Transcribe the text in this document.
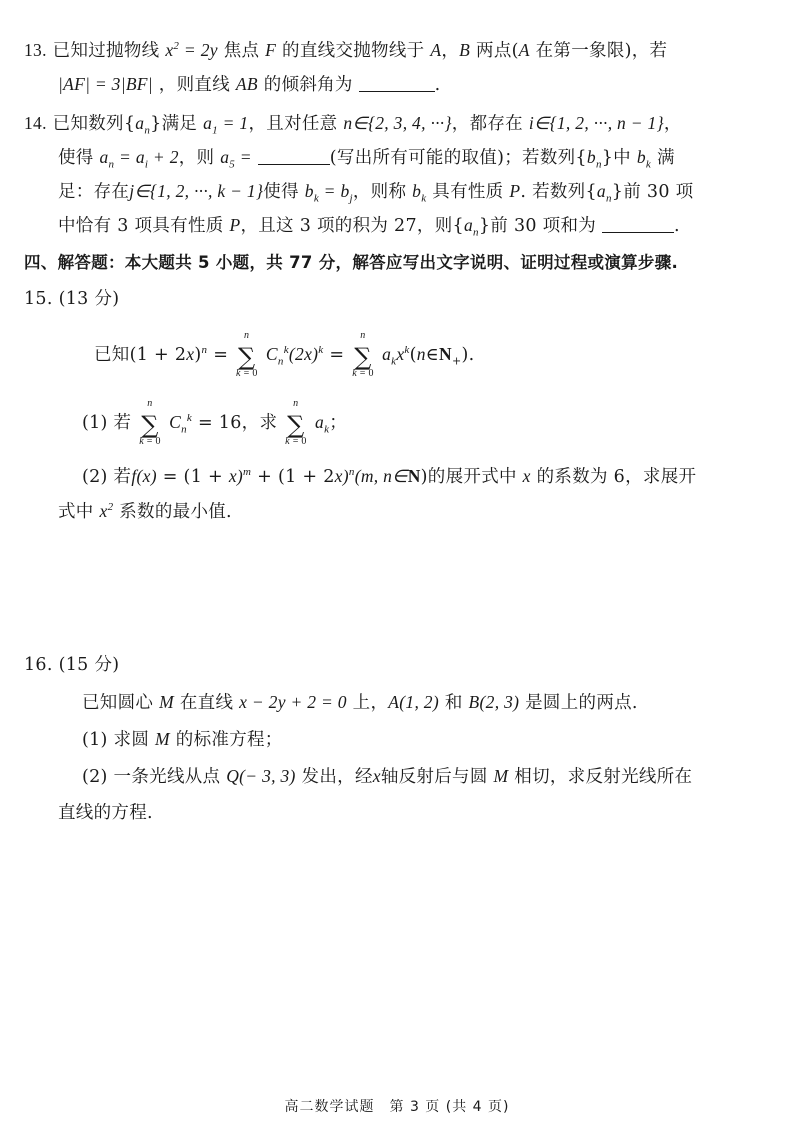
13. 已知过抛物线 $x^2 = 2y$ 焦点 F 的直线交抛物线于 A，B 两点(A 在第一象限)，若
|AF| = 3|BF| ，则直线 AB 的倾斜角为	.
14. 已知数列$\{a_n\}$满足 $a_1 = 1$，且对任意 n∈{2, 3, 4, ···}，都存在 i∈{1, 2, ···, n − 1}，
使得 $a_n = a_i + 2$，则 $a_5$ =	(写出所有可能的取值)；若数列$\{b_n\}$中 $b_k$ 满
足：存在j∈{1, 2, ···, k − 1}使得 $b_k = b_j$，则称 $b_k$ 具有性质 P. 若数列$\{a_n\}$前 30 项
中恰有 3 项具有性质 P，且这 3 项的积为 27，则$\{a_n\}$前 30 项和为	.
四、解答题：本大题共 5 小题，共 77 分，解答应写出文字说明、证明过程或演算步骤.
15. (13 分)
已知$(1 + 2x)^n$ =
n
∑
k = 0
$C_n^k(2x)^k$ =
n
∑
k = 0
$a_kx^k(n\in N_+)$.
(1) 若
n
∑
k = 0
$C_n^k = 16$，求
n
∑
k = 0
$a_k$；
(2) 若$f(x) = (1 + x)^m + (1 + 2x)^n(m$, n∈N)的展开式中 x 的系数为 6，求展开
式中 $x^2$ 系数的最小值.
16. (15 分)
已知圆心 M 在直线 x − 2y + 2 = 0 上，A(1, 2) 和 B(2, 3) 是圆上的两点.
(1) 求圆 M 的标准方程；
(2) 一条光线从点 Q(− 3, 3) 发出，经x轴反射后与圆 M 相切，求反射光线所在
直线的方程.
高二数学试题　第 3 页 (共 4 页)
